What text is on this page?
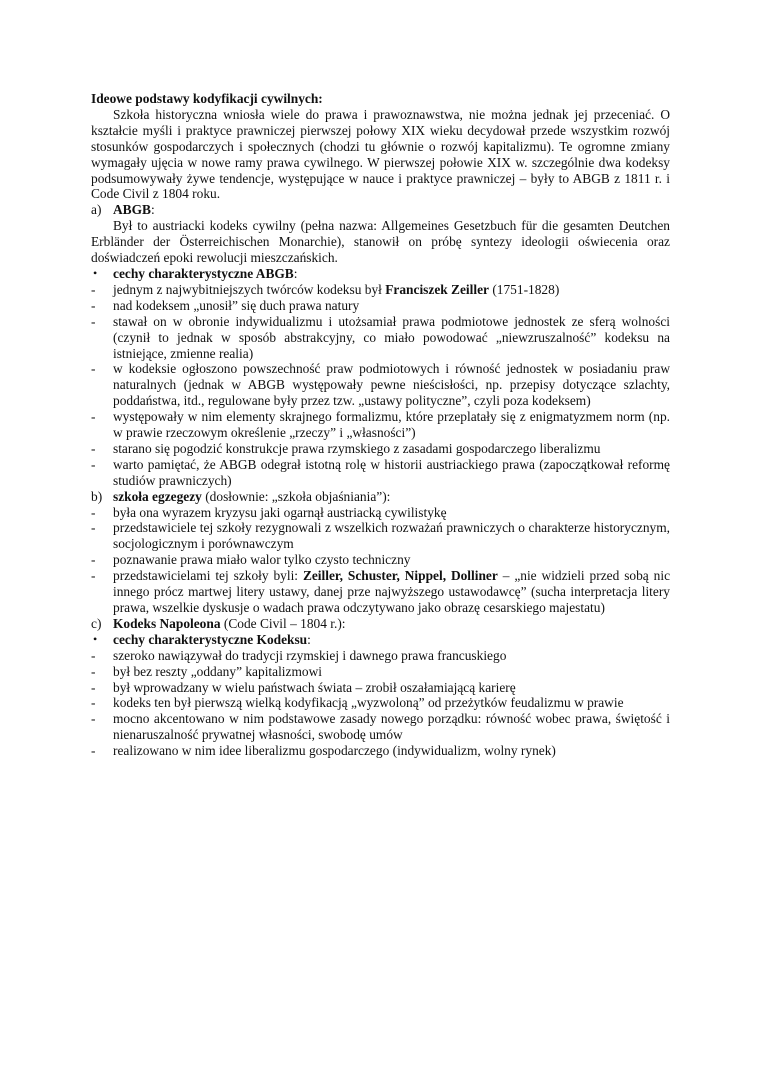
Ideowe podstawy kodyfikacji cywilnych:

Szkoła historyczna wniosła wiele do prawa i prawoznawstwa, nie można jednak jej przeceniać. O kształcie myśli i praktyce prawniczej pierwszej połowy XIX wieku decydował przede wszystkim rozwój stosunków gospodarczych i społecznych (chodzi tu głównie o rozwój kapitalizmu). Te ogromne zmiany wymagały ujęcia w nowe ramy prawa cywilnego. W pierwszej połowie XIX w. szczególnie dwa kodeksy podsumowywały żywe tendencje, występujące w nauce i praktyce prawniczej – były to ABGB z 1811 r. i Code Civil z 1804 roku.

a) ABGB:

Był to austriacki kodeks cywilny (pełna nazwa: Allgemeines Gesetzbuch für die gesamten Deutchen Erbländer der Österreichischen Monarchie), stanowił on próbę syntezy ideologii oświecenia oraz doświadczeń epoki rewolucji mieszczańskich.

• cechy charakterystyczne ABGB:
- jednym z najwybitniejszych twórców kodeksu był Franciszek Zeiller (1751-1828)
- nad kodeksem „unosił” się duch prawa natury
- stawał on w obronie indywidualizmu i utożsamiał prawa podmiotowe jednostek ze sferą wolności (czynił to jednak w sposób abstrakcyjny, co miało powodować „niewzruszalność” kodeksu na istniejące, zmienne realia)
- w kodeksie ogłoszono powszechność praw podmiotowych i równość jednostek w posiadaniu praw naturalnych (jednak w ABGB występowały pewne nieścisłości, np. przepisy dotyczące szlachty, poddaństwa, itd., regulowane były przez tzw. „ustawy polityczne”, czyli poza kodeksem)
- występowały w nim elementy skrajnego formalizmu, które przeplatały się z enigmatyzmem norm (np. w prawie rzeczowym określenie „rzeczy” i „własności”)
- starano się pogodzić konstrukcje prawa rzymskiego z zasadami gospodarczego liberalizmu
- warto pamiętać, że ABGB odegrał istotną rolę w historii austriackiego prawa (zapoczątkował reformę studiów prawniczych)
b) szkoła egzegezy (dosłownie: „szkoła objaśniania”):
- była ona wyrazem kryzysu jaki ogarnął austriacką cywilistykę
- przedstawiciele tej szkoły rezygnowali z wszelkich rozważań prawniczych o charakterze historycznym, socjologicznym i porównawczym
- poznawanie prawa miało walor tylko czysto techniczny
- przedstawicielami tej szkoły byli: Zeiller, Schuster, Nippel, Dolliner – „nie widzieli przed sobą nic innego prócz martwej litery ustawy, danej prze najwyższego ustawodawcę” (sucha interpretacja litery prawa, wszelkie dyskusje o wadach prawa odczytywano jako obrazę cesarskiego majestatu)
c) Kodeks Napoleona (Code Civil – 1804 r.):
• cechy charakterystyczne Kodeksu:
- szeroko nawiązywał do tradycji rzymskiej i dawnego prawa francuskiego
- był bez reszty „oddany” kapitalizmowi
- był wprowadzany w wielu państwach świata – zrobił oszałamiającą karierę
- kodeks ten był pierwszą wielką kodyfikacją „wyzwoloną” od przeżytków feudalizmu w prawie
- mocno akcentowano w nim podstawowe zasady nowego porządku: równość wobec prawa, świętość i nienaruszalność prywatnej własności, swobodę umów
- realizowano w nim idee liberalizmu gospodarczego (indywidualizm, wolny rynek)
